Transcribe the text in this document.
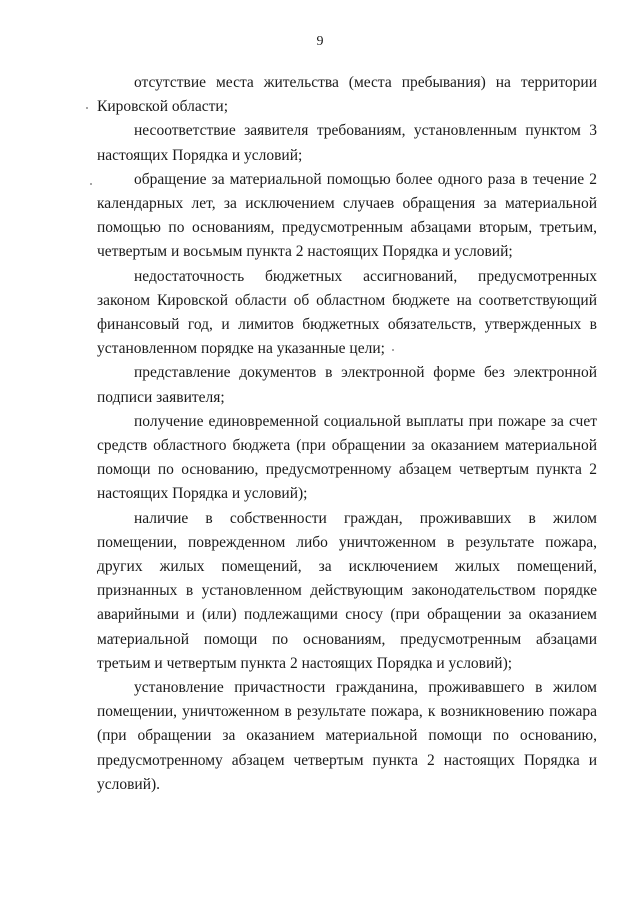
9

отсутствие места жительства (места пребывания) на территории Кировской области;

несоответствие заявителя требованиям, установленным пунктом 3 настоящих Порядка и условий;

обращение за материальной помощью более одного раза в течение 2 календарных лет, за исключением случаев обращения за материальной помощью по основаниям, предусмотренным абзацами вторым, третьим, четвертым и восьмым пункта 2 настоящих Порядка и условий;

недостаточность бюджетных ассигнований, предусмотренных законом Кировской области об областном бюджете на соответствующий финансовый год, и лимитов бюджетных обязательств, утвержденных в установленном порядке на указанные цели;

представление документов в электронной форме без электронной подписи заявителя;

получение единовременной социальной выплаты при пожаре за счет средств областного бюджета (при обращении за оказанием материальной помощи по основанию, предусмотренному абзацем четвертым пункта 2 настоящих Порядка и условий);

наличие в собственности граждан, проживавших в жилом помещении, поврежденном либо уничтоженном в результате пожара, других жилых помещений, за исключением жилых помещений, признанных в установленном действующим законодательством порядке аварийными и (или) подлежащими сносу (при обращении за оказанием материальной помощи по основаниям, предусмотренным абзацами третьим и четвертым пункта 2 настоящих Порядка и условий);

установление причастности гражданина, проживавшего в жилом помещении, уничтоженном в результате пожара, к возникновению пожара (при обращении за оказанием материальной помощи по основанию, предусмотренному абзацем четвертым пункта 2 настоящих Порядка и условий).
